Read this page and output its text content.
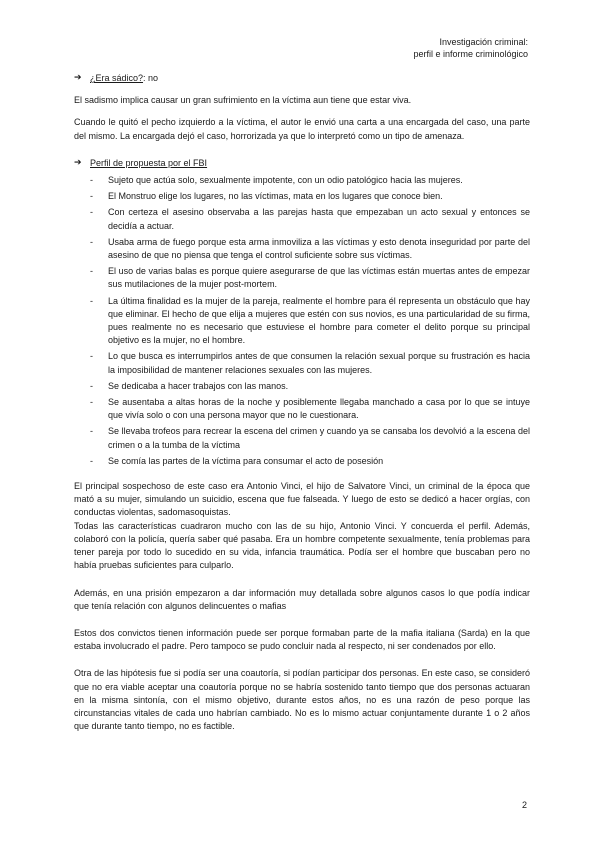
Investigación criminal:
perfil e informe criminológico
➔ ¿Era sádico?: no

El sadismo implica causar un gran sufrimiento en la víctima aun tiene que estar viva.

Cuando le quitó el pecho izquierdo a la víctima, el autor le envió una carta a una encargada del caso, una parte del mismo. La encargada dejó el caso, horrorizada ya que lo interpretó como un tipo de amenaza.

➔ Perfil de propuesta por el FBI
- Sujeto que actúa solo, sexualmente impotente, con un odio patológico hacia las mujeres.
- El Monstruo elige los lugares, no las víctimas, mata en los lugares que conoce bien.
- Con certeza el asesino observaba a las parejas hasta que empezaban un acto sexual y entonces se decidía a actuar.
- Usaba arma de fuego porque esta arma inmoviliza a las víctimas y esto denota inseguridad por parte del asesino de que no piensa que tenga el control suficiente sobre sus víctimas.
- El uso de varias balas es porque quiere asegurarse de que las víctimas están muertas antes de empezar sus mutilaciones de la mujer post-mortem.
- La última finalidad es la mujer de la pareja, realmente el hombre para él representa un obstáculo que hay que eliminar. El hecho de que elija a mujeres que estén con sus novios, es una particularidad de su firma, pues realmente no es necesario que estuviese el hombre para cometer el delito porque su principal objetivo es la mujer, no el hombre.
- Lo que busca es interrumpirlos antes de que consumen la relación sexual porque su frustración es hacia la imposibilidad de mantener relaciones sexuales con las mujeres.
- Se dedicaba a hacer trabajos con las manos.
- Se ausentaba a altas horas de la noche y posiblemente llegaba manchado a casa por lo que se intuye que vivía solo o con una persona mayor que no le cuestionara.
- Se llevaba trofeos para recrear la escena del crimen y cuando ya se cansaba los devolvió a la escena del crimen o a la tumba de la víctima
- Se comía las partes de la víctima para consumar el acto de posesión

El principal sospechoso de este caso era Antonio Vinci, el hijo de Salvatore Vinci, un criminal de la época que mató a su mujer, simulando un suicidio, escena que fue falseada. Y luego de esto se dedicó a hacer orgías, con conductas violentas, sadomasoquistas.

Todas las características cuadraron mucho con las de su hijo, Antonio Vinci. Y concuerda el perfil. Además, colaboró con la policía, quería saber qué pasaba. Era un hombre competente sexualmente, tenía problemas para tener pareja por todo lo sucedido en su vida, infancia traumática. Podía ser el hombre que buscaban pero no había pruebas suficientes para culparlo.

Además, en una prisión empezaron a dar información muy detallada sobre algunos casos lo que podía indicar que tenía relación con algunos delincuentes o mafias

Estos dos convictos tienen información puede ser porque formaban parte de la mafia italiana (Sarda) en la que estaba involucrado el padre. Pero tampoco se pudo concluir nada al respecto, ni ser condenados por ello.

Otra de las hipótesis fue si podía ser una coautoría, si podían participar dos personas. En este caso, se consideró que no era viable aceptar una coautoría porque no se habría sostenido tanto tiempo que dos personas actuaran en la misma sintonía, con el mismo objetivo, durante estos años, no es una razón de peso porque las circunstancias vitales de cada uno habrían cambiado. No es lo mismo actuar conjuntamente durante 1 o 2 años que durante tanto tiempo, no es factible.

2
